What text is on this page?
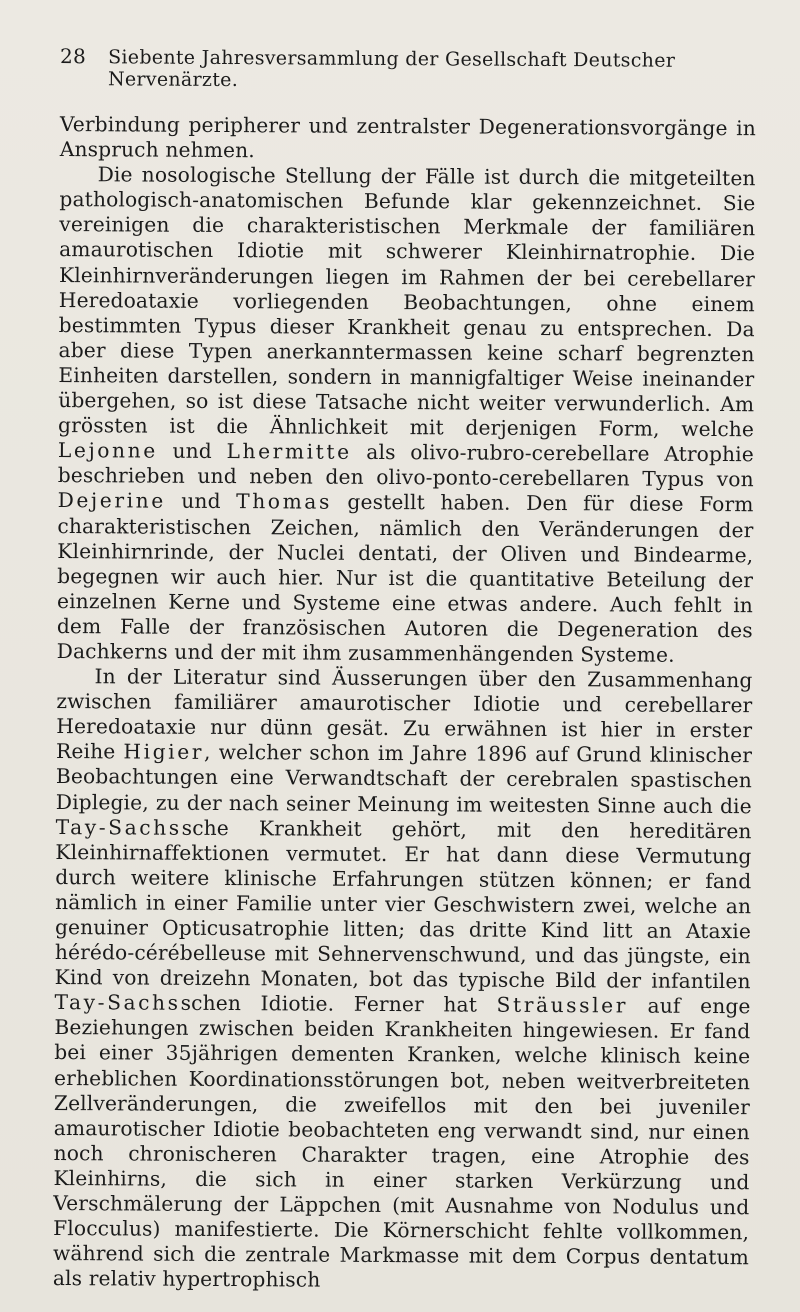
28 Siebente Jahresversammlung der Gesellschaft Deutscher Nervenärzte.

Verbindung peripherer und zentralster Degenerationsvorgänge in Anspruch nehmen.

Die nosologische Stellung der Fälle ist durch die mitgeteilten pathologisch-anatomischen Befunde klar gekennzeichnet. Sie vereinigen die charakteristischen Merkmale der familiären amaurotischen Idiotie mit schwerer Kleinhirnatrophie. Die Kleinhirnveränderungen liegen im Rahmen der bei cerebellarer Heredoataxie vorliegenden Beobachtungen, ohne einem bestimmten Typus dieser Krankheit genau zu entsprechen. Da aber diese Typen anerkanntermassen keine scharf begrenzten Einheiten darstellen, sondern in mannigfaltiger Weise ineinander übergehen, so ist diese Tatsache nicht weiter verwunderlich. Am grössten ist die Ähnlichkeit mit derjenigen Form, welche Lejonne und Lhermitte als olivo-rubro-cerebellare Atrophie beschrieben und neben den olivo-ponto-cerebellaren Typus von Dejerine und Thomas gestellt haben. Den für diese Form charakteristischen Zeichen, nämlich den Veränderungen der Kleinhirnrinde, der Nuclei dentati, der Oliven und Bindearme, begegnen wir auch hier. Nur ist die quantitative Beteilung der einzelnen Kerne und Systeme eine etwas andere. Auch fehlt in dem Falle der französischen Autoren die Degeneration des Dachkerns und der mit ihm zusammenhängenden Systeme.

In der Literatur sind Äusserungen über den Zusammenhang zwischen familiärer amaurotischer Idiotie und cerebellarer Heredoataxie nur dünn gesät. Zu erwähnen ist hier in erster Reihe Higier, welcher schon im Jahre 1896 auf Grund klinischer Beobachtungen eine Verwandtschaft der cerebralen spastischen Diplegie, zu der nach seiner Meinung im weitesten Sinne auch die Tay-Sachssche Krankheit gehört, mit den hereditären Kleinhirnaffektionen vermutet. Er hat dann diese Vermutung durch weitere klinische Erfahrungen stützen können; er fand nämlich in einer Familie unter vier Geschwistern zwei, welche an genuiner Opticusatrophie litten; das dritte Kind litt an Ataxie hérédo-cérébelleuse mit Sehnervenschwund, und das jüngste, ein Kind von dreizehn Monaten, bot das typische Bild der infantilen Tay-Sachsschen Idiotie. Ferner hat Sträussler auf enge Beziehungen zwischen beiden Krankheiten hingewiesen. Er fand bei einer 35jährigen dementen Kranken, welche klinisch keine erheblichen Koordinationsstörungen bot, neben weitverbreiteten Zellveränderungen, die zweifellos mit den bei juveniler amaurotischer Idiotie beobachteten eng verwandt sind, nur einen noch chronischeren Charakter tragen, eine Atrophie des Kleinhirns, die sich in einer starken Verkürzung und Verschmälerung der Läppchen (mit Ausnahme von Nodulus und Flocculus) manifestierte. Die Körnerschicht fehlte vollkommen, während sich die zentrale Markmasse mit dem Corpus dentatum als relativ hypertrophisch
